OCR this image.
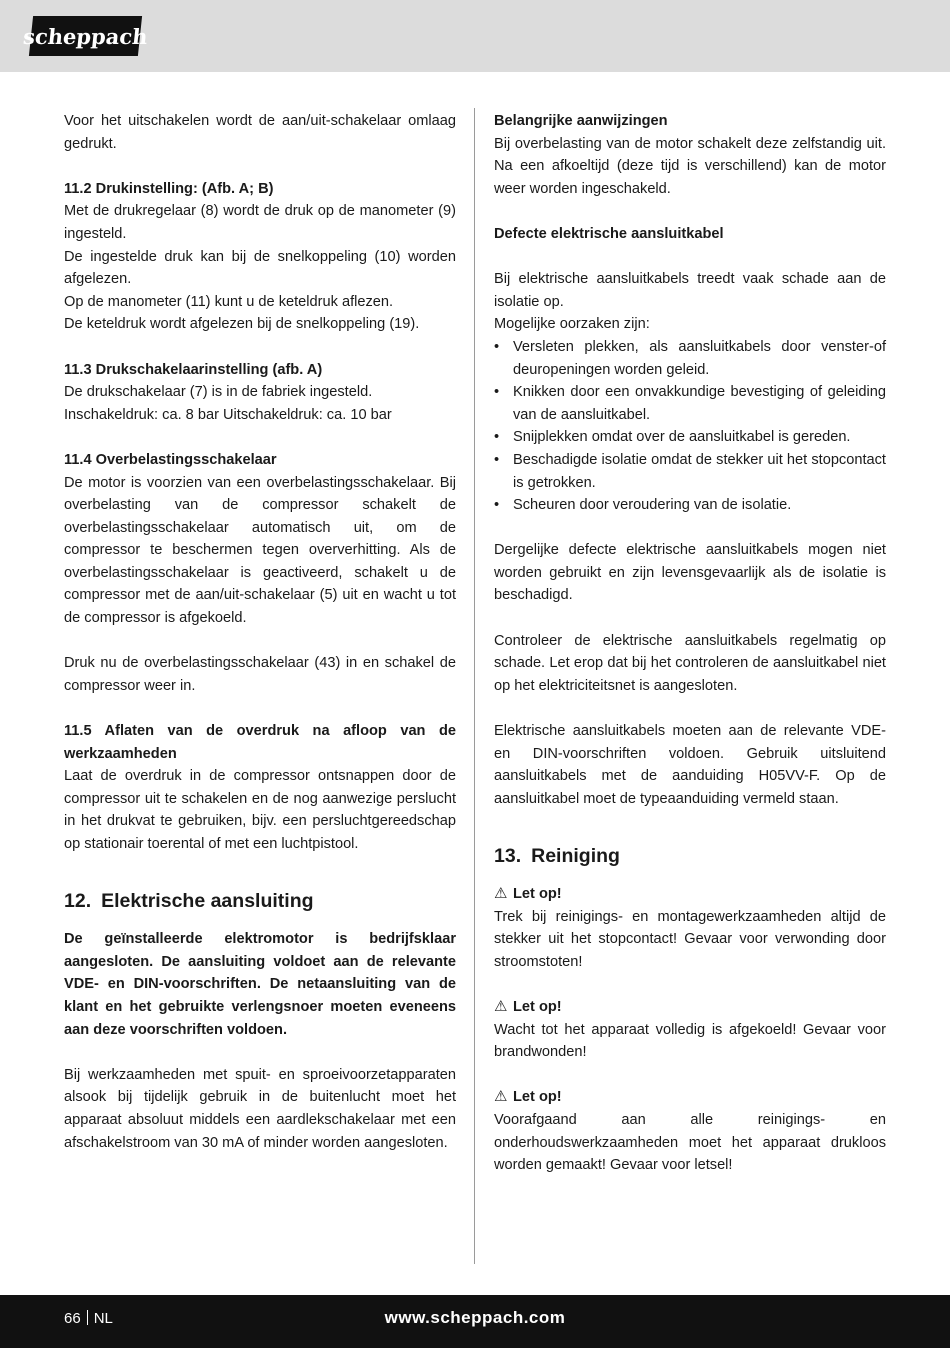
scheppach

Voor het uitschakelen wordt de aan/uit-schakelaar omlaag gedrukt.

11.2 Drukinstelling: (Afb. A; B)

Met de drukregelaar (8) wordt de druk op de manometer (9) ingesteld.

De ingestelde druk kan bij de snelkoppeling (10) worden afgelezen.

Op de manometer (11) kunt u de keteldruk aflezen.

De keteldruk wordt afgelezen bij de snelkoppeling (19).

11.3 Drukschakelaarinstelling (afb. A)

De drukschakelaar (7) is in de fabriek ingesteld.

Inschakeldruk: ca. 8 bar Uitschakeldruk: ca. 10 bar

11.4 Overbelastingsschakelaar

De motor is voorzien van een overbelastingsschakelaar. Bij overbelasting van de compressor schakelt de overbelastingsschakelaar automatisch uit, om de compressor te beschermen tegen oververhitting. Als de overbelastingsschakelaar is geactiveerd, schakelt u de compressor met de aan/uit-schakelaar (5) uit en wacht u tot de compressor is afgekoeld.

Druk nu de overbelastingsschakelaar (43) in en schakel de compressor weer in.

11.5 Aflaten van de overdruk na afloop van de werkzaamheden

Laat de overdruk in de compressor ontsnappen door de compressor uit te schakelen en de nog aanwezige perslucht in het drukvat te gebruiken, bijv. een persluchtgereedschap op stationair toerental of met een luchtpistool.

12. Elektrische aansluiting

De geïnstalleerde elektromotor is bedrijfsklaar aangesloten. De aansluiting voldoet aan de relevante VDE- en DIN-voorschriften. De netaansluiting van de klant en het gebruikte verlengsnoer moeten eveneens aan deze voorschriften voldoen.

Bij werkzaamheden met spuit- en sproeivoorzetapparaten alsook bij tijdelijk gebruik in de buitenlucht moet het apparaat absoluut middels een aardlekschakelaar met een afschakelstroom van 30 mA of minder worden aangesloten.

Belangrijke aanwijzingen

Bij overbelasting van de motor schakelt deze zelfstandig uit. Na een afkoeltijd (deze tijd is verschillend) kan de motor weer worden ingeschakeld.

Defecte elektrische aansluitkabel

Bij elektrische aansluitkabels treedt vaak schade aan de isolatie op.

Mogelijke oorzaken zijn:

• Versleten plekken, als aansluitkabels door venster-of deuropeningen worden geleid.
• Knikken door een onvakkundige bevestiging of geleiding van de aansluitkabel.
• Snijplekken omdat over de aansluitkabel is gereden.
• Beschadigde isolatie omdat de stekker uit het stopcontact is getrokken.
• Scheuren door veroudering van de isolatie.

Dergelijke defecte elektrische aansluitkabels mogen niet worden gebruikt en zijn levensgevaarlijk als de isolatie is beschadigd.

Controleer de elektrische aansluitkabels regelmatig op schade. Let erop dat bij het controleren de aansluitkabel niet op het elektriciteitsnet is aangesloten.

Elektrische aansluitkabels moeten aan de relevante VDE- en DIN-voorschriften voldoen. Gebruik uitsluitend aansluitkabels met de aanduiding H05VV-F. Op de aansluitkabel moet de typeaanduiding vermeld staan.

13. Reiniging

⚠ Let op!

Trek bij reinigings- en montagewerkzaamheden altijd de stekker uit het stopcontact! Gevaar voor verwonding door stroomstoten!

⚠ Let op!

Wacht tot het apparaat volledig is afgekoeld! Gevaar voor brandwonden!

⚠ Let op!

Voorafgaand aan alle reinigings- en onderhoudswerkzaamheden moet het apparaat drukloos worden gemaakt! Gevaar voor letsel!

66 NL	www.scheppach.com
